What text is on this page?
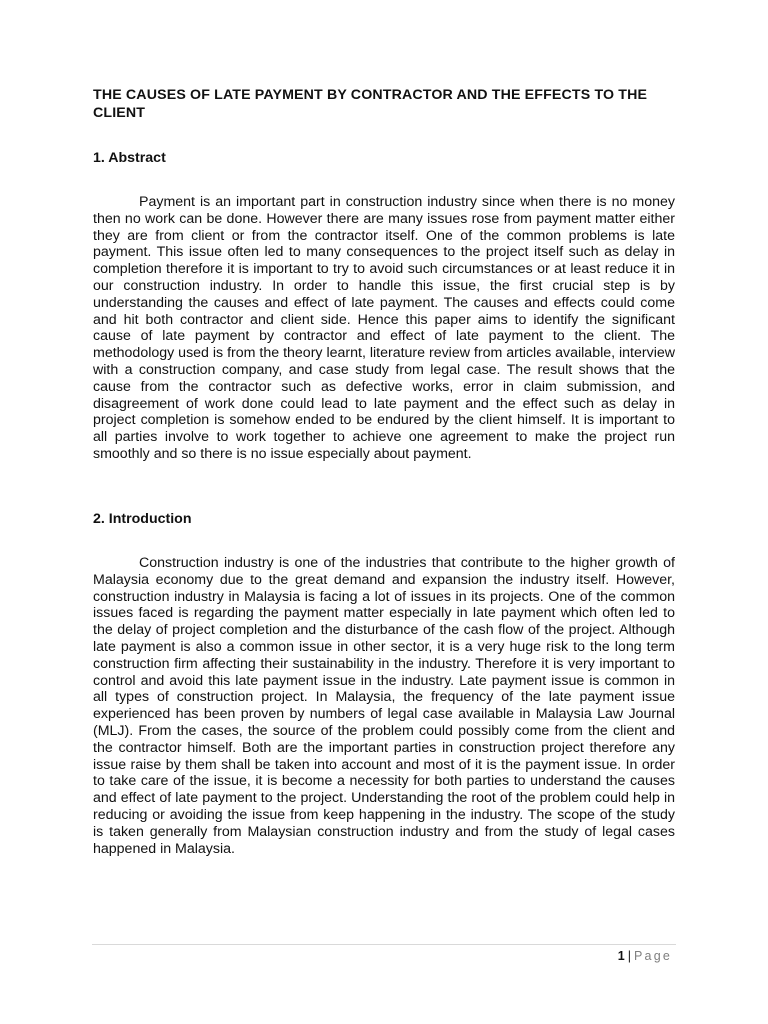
THE CAUSES OF LATE PAYMENT BY CONTRACTOR AND THE EFFECTS TO THE CLIENT
1. Abstract

Payment is an important part in construction industry since when there is no money then no work can be done. However there are many issues rose from payment matter either they are from client or from the contractor itself. One of the common problems is late payment. This issue often led to many consequences to the project itself such as delay in completion therefore it is important to try to avoid such circumstances or at least reduce it in our construction industry. In order to handle this issue, the first crucial step is by understanding the causes and effect of late payment. The causes and effects could come and hit both contractor and client side. Hence this paper aims to identify the significant cause of late payment by contractor and effect of late payment to the client. The methodology used is from the theory learnt, literature review from articles available, interview with a construction company, and case study from legal case. The result shows that the cause from the contractor such as defective works, error in claim submission, and disagreement of work done could lead to late payment and the effect such as delay in project completion is somehow ended to be endured by the client himself. It is important to all parties involve to work together to achieve one agreement to make the project run smoothly and so there is no issue especially about payment.

2. Introduction

Construction industry is one of the industries that contribute to the higher growth of Malaysia economy due to the great demand and expansion the industry itself. However, construction industry in Malaysia is facing a lot of issues in its projects. One of the common issues faced is regarding the payment matter especially in late payment which often led to the delay of project completion and the disturbance of the cash flow of the project. Although late payment is also a common issue in other sector, it is a very huge risk to the long term construction firm affecting their sustainability in the industry. Therefore it is very important to control and avoid this late payment issue in the industry. Late payment issue is common in all types of construction project. In Malaysia, the frequency of the late payment issue experienced has been proven by numbers of legal case available in Malaysia Law Journal (MLJ). From the cases, the source of the problem could possibly come from the client and the contractor himself. Both are the important parties in construction project therefore any issue raise by them shall be taken into account and most of it is the payment issue. In order to take care of the issue, it is become a necessity for both parties to understand the causes and effect of late payment to the project. Understanding the root of the problem could help in reducing or avoiding the issue from keep happening in the industry. The scope of the study is taken generally from Malaysian construction industry and from the study of legal cases happened in Malaysia.

1 | Page
